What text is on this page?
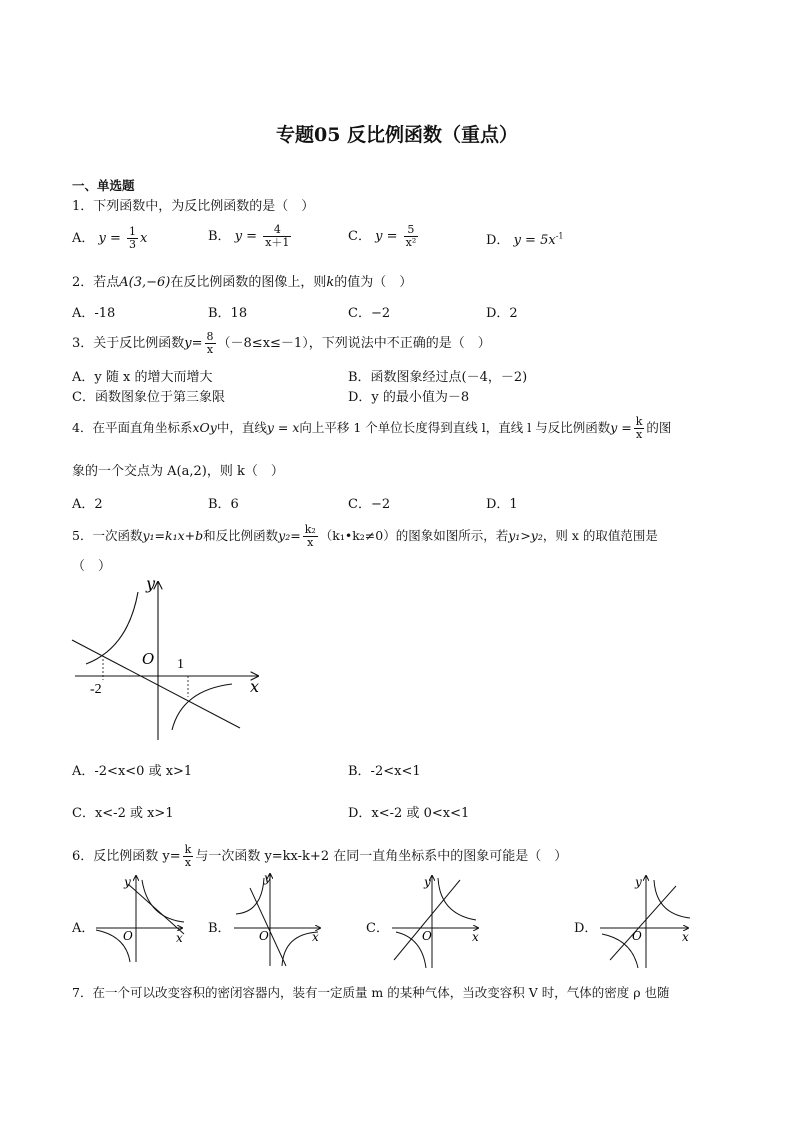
专题05 反比例函数（重点）
一、单选题
1．下列函数中，为反比例函数的是（　）
A． $y = \frac{1}{3}$ x	B． $y = \frac{4}{x+1}$	C． $y = \frac{5}{\text{x²}}$	D． $y = 5x^{-1}$
2．若点A(3,−6)在反比例函数的图像上，则k的值为（　）
A．-18	B．18	C．−2	D．2
3．关于反比例函数$y= \frac{8}{x} (-8\le x\le-1)$，下列说法中不正确的是（　）
A．y 随 x 的增大而增大	B．函数图象经过点(－4，－2)
C．函数图象位于第三象限	D．y 的最小值为－8
4．在平面直角坐标系xOy中，直线y = x向上平移 1 个单位长度得到直线 l，直线 l 与反比例函数$y = \frac{k}{x}$ 的图
象的一个交点为 A(a,2)，则 k（　）
A．2	B．6	C．−2	D．1
5．一次函数y₁=k₁x+b和反比例函数$y_2= \frac{\text{k₂}}{x}$ （k₁•k₂≠0）的图象如图所示，若y₁>y₂，则 x 的取值范围是
（　）
y
x
O 1
-2
A．-2<x<0 或 x>1	B．-2<x<1
C．x<-2 或 x>1	D．x<-2 或 0<x<1
6．反比例函数 $y= \frac{k}{x}$ 与一次函数 y=kx-k+2 在同一直角坐标系中的图象可能是（　）
A．	B．	C．	D．
y
x
O
y
x
O
y
x
O
y
x
O
7．在一个可以改变容积的密闭容器内，装有一定质量 m 的某种气体，当改变容积 V 时，气体的密度 ρ 也随
